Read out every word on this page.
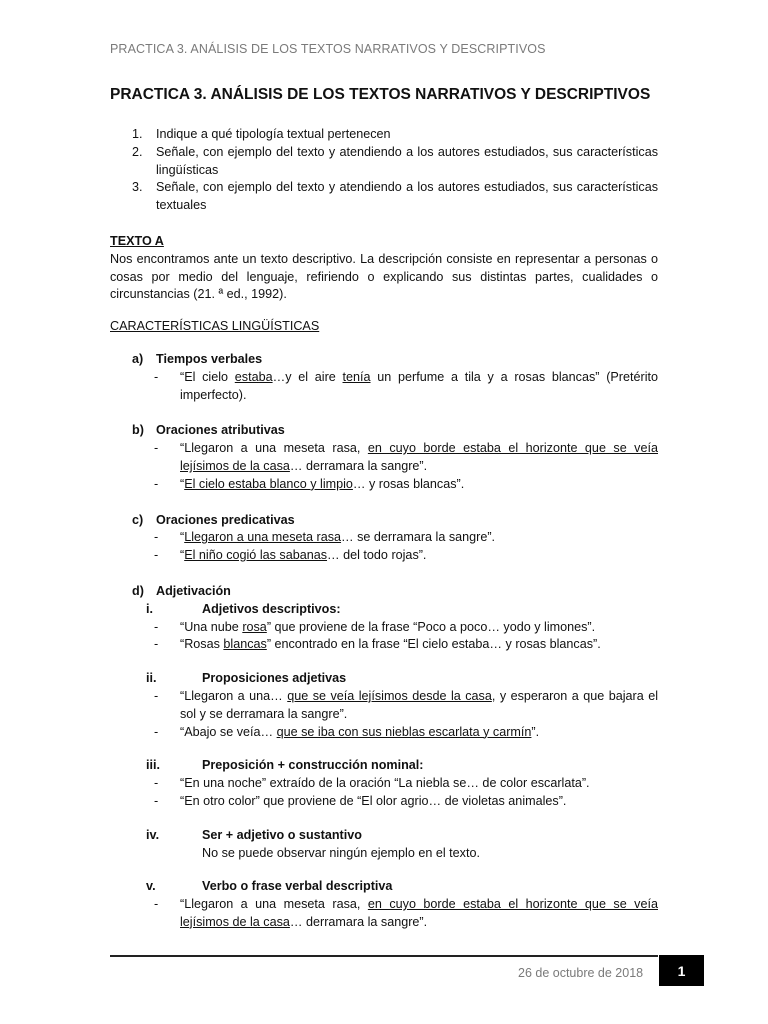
PRACTICA 3. ANÁLISIS DE LOS TEXTOS NARRATIVOS Y DESCRIPTIVOS
PRACTICA 3. ANÁLISIS DE LOS TEXTOS NARRATIVOS Y DESCRIPTIVOS
1. Indique a qué tipología textual pertenecen
2. Señale, con ejemplo del texto y atendiendo a los autores estudiados, sus características lingüísticas
3. Señale, con ejemplo del texto y atendiendo a los autores estudiados, sus características textuales
TEXTO A
Nos encontramos ante un texto descriptivo. La descripción consiste en representar a personas o cosas por medio del lenguaje, refiriendo o explicando sus distintas partes, cualidades o circunstancias (21. ª ed., 1992).
CARACTERÍSTICAS LINGÜÍSTICAS
a) Tiempos verbales
- “El cielo estaba…y el aire tenía un perfume a tila y a rosas blancas” (Pretérito imperfecto).
b) Oraciones atributivas
- “Llegaron a una meseta rasa, en cuyo borde estaba el horizonte que se veía lejísimos de la casa… derramara la sangre”.
- “El cielo estaba blanco y limpio… y rosas blancas”.
c) Oraciones predicativas
- “Llegaron a una meseta rasa… se derramara la sangre”.
- “El niño cogió las sabanas… del todo rojas”.
d) Adjetivación
i.	Adjetivos descriptivos:
- “Una nube rosa” que proviene de la frase “Poco a poco… yodo y limones”.
- “Rosas blancas” encontrado en la frase “El cielo estaba… y rosas blancas”.
ii.	Proposiciones adjetivas
- “Llegaron a una… que se veía lejísimos desde la casa, y esperaron a que bajara el sol y se derramara la sangre”.
- “Abajo se veía… que se iba con sus nieblas escarlata y carmín”.
iii.	Preposición + construcción nominal:
- “En una noche” extraído de la oración “La niebla se… de color escarlata”.
- “En otro color” que proviene de “El olor agrio… de violetas animales”.
iv.	Ser + adjetivo o sustantivo
No se puede observar ningún ejemplo en el texto.
v.	Verbo o frase verbal descriptiva
- “Llegaron a una meseta rasa, en cuyo borde estaba el horizonte que se veía lejísimos de la casa… derramara la sangre”.
26 de octubre de 2018 1
